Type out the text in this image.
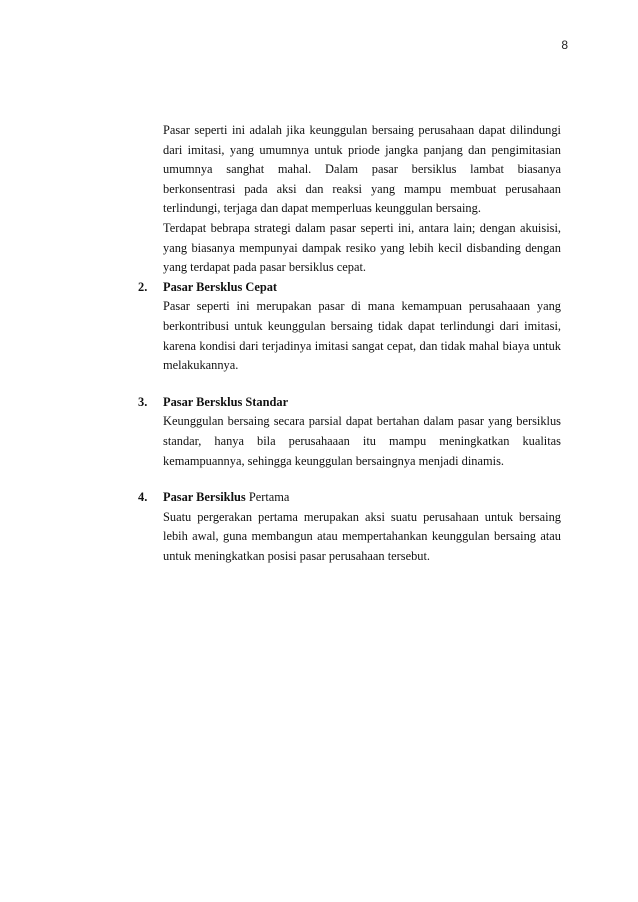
8

Pasar seperti ini adalah jika keunggulan bersaing perusahaan dapat dilindungi dari imitasi, yang umumnya untuk priode jangka panjang dan pengimitasian umumnya sanghat mahal. Dalam pasar bersiklus lambat biasanya berkonsentrasi pada aksi dan reaksi yang mampu membuat perusahaan terlindungi, terjaga dan dapat memperluas keunggulan bersaing.

Terdapat bebrapa strategi dalam pasar seperti ini, antara lain; dengan akuisisi, yang biasanya mempunyai dampak resiko yang lebih kecil disbanding dengan yang terdapat pada pasar bersiklus cepat.

2. Pasar Bersklus Cepat

Pasar seperti ini merupakan pasar di mana kemampuan perusahaaan yang berkontribusi untuk keunggulan bersaing tidak dapat terlindungi dari imitasi, karena kondisi dari terjadinya imitasi sangat cepat, dan tidak mahal biaya untuk melakukannya.

3. Pasar Bersklus Standar

Keunggulan bersaing secara parsial dapat bertahan dalam pasar yang bersiklus standar, hanya bila perusahaaan itu mampu meningkatkan kualitas kemampuannya, sehingga keunggulan bersaingnya menjadi dinamis.

4. Pasar Bersiklus Pertama

Suatu pergerakan pertama merupakan aksi suatu perusahaan untuk bersaing lebih awal, guna membangun atau mempertahankan keunggulan bersaing atau untuk meningkatkan posisi pasar perusahaan tersebut.
